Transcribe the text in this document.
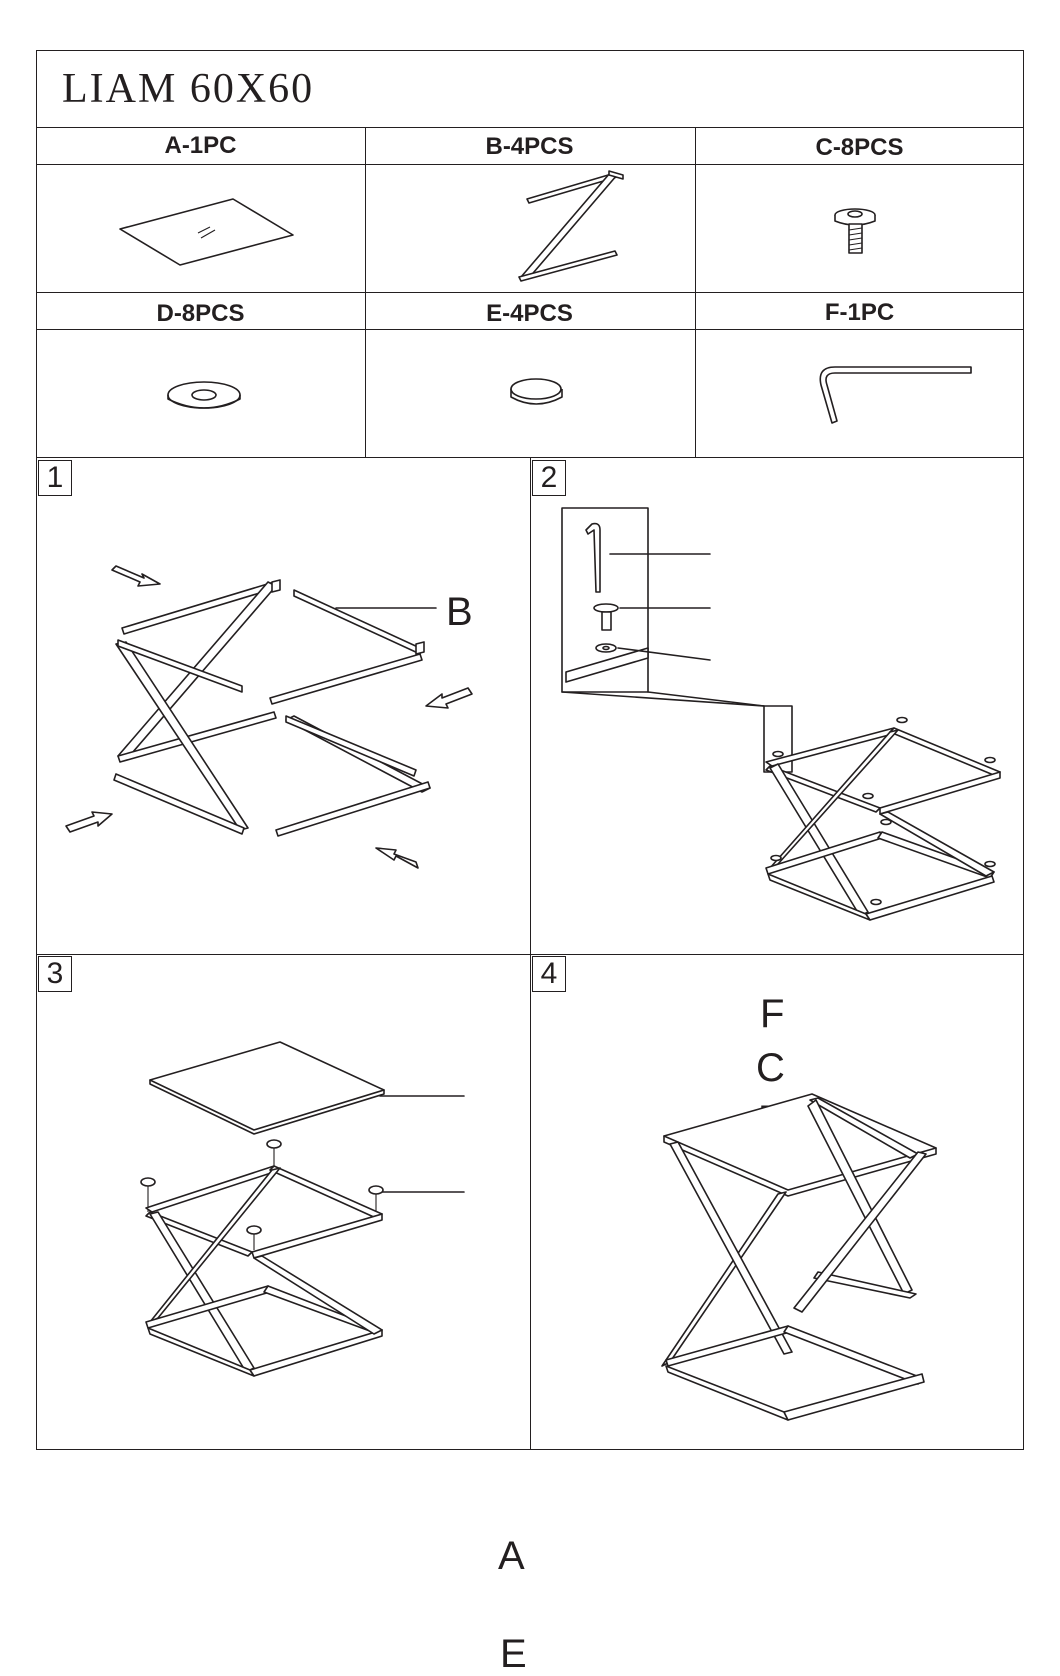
LIAM 60X60
A-1PC	B-4PCS	C-8PCS
D-8PCS	E-4PCS	F-1PC
1	2
3	4
B
F
C
A
E
